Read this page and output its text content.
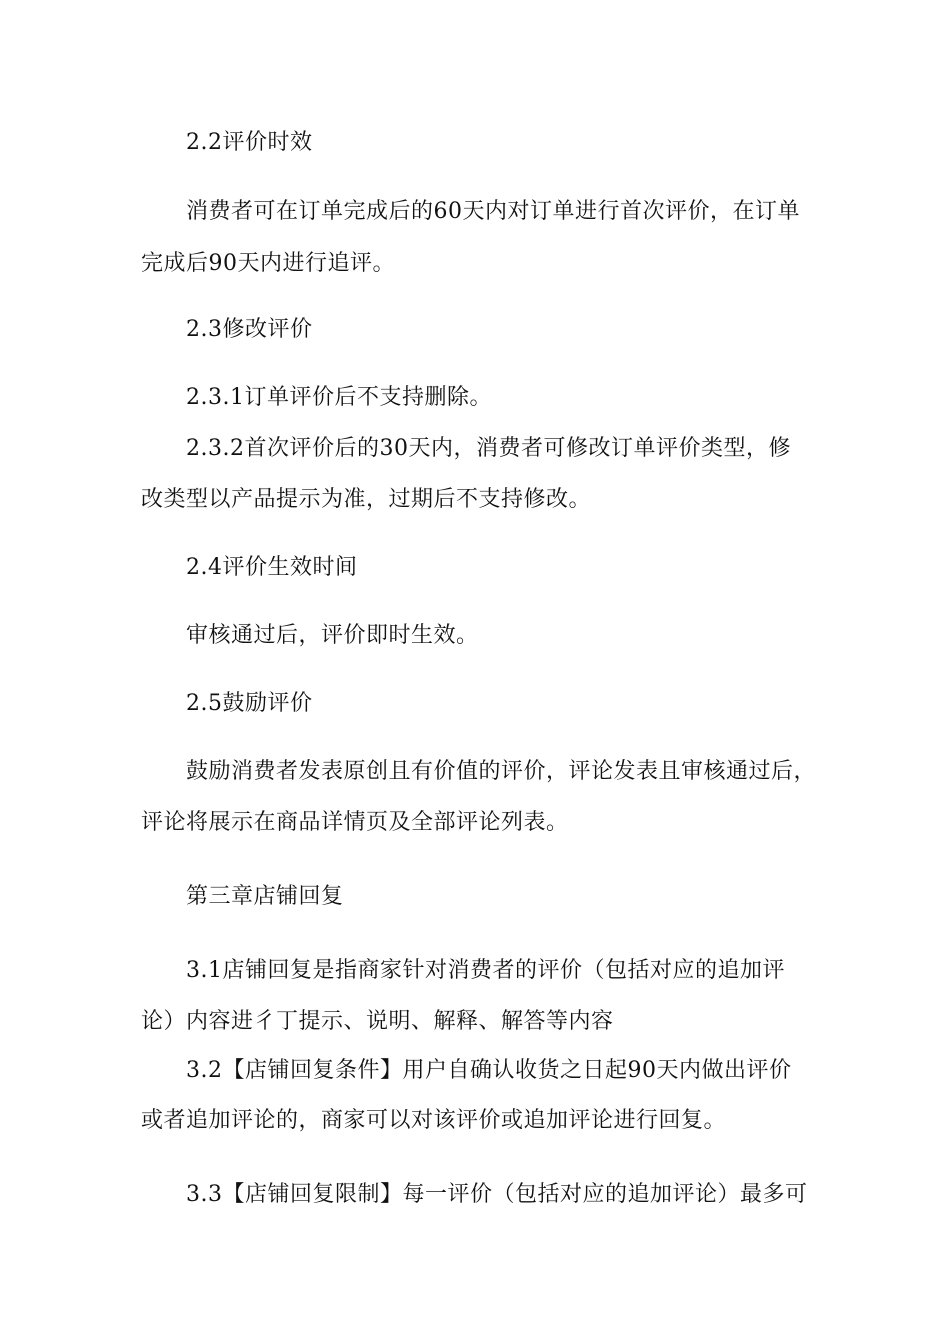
2.2评价时效
消费者可在订单完成后的60天内对订单进行首次评价，在订单
完成后90天内进行追评。
2.3修改评价
2.3.1订单评价后不支持删除。
2.3.2首次评价后的30天内，消费者可修改订单评价类型，修
改类型以产品提示为准，过期后不支持修改。
2.4评价生效时间
审核通过后，评价即时生效。
2.5鼓励评价
鼓励消费者发表原创且有价值的评价，评论发表且审核通过后，
评论将展示在商品详情页及全部评论列表。
第三章店铺回复
3.1店铺回复是指商家针对消费者的评价（包括对应的追加评
论）内容进彳丁提示、说明、解释、解答等内容
3.2【店铺回复条件】用户自确认收货之日起90天内做出评价
或者追加评论的，商家可以对该评价或追加评论进行回复。
3.3【店铺回复限制】每一评价（包括对应的追加评论）最多可
